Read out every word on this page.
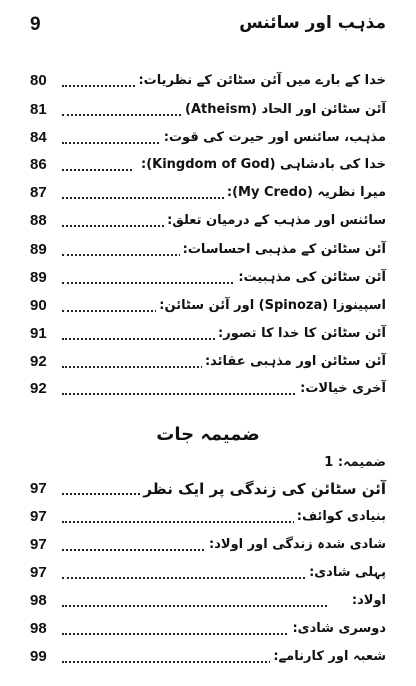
9	مذہب اور سائنس
80	خدا کے بارے میں آئن سٹائن کے نظریات:
81	آئن سٹائن اور الحاد (Atheism)
84	مذہب، سائنس اور حیرت کی قوت:
86	خدا کی بادشاہی (Kingdom of God):
87	میرا نظریہ (My Credo):
88	سائنس اور مذہب کے درمیان تعلق:
89	آئن سٹائن کے مذہبی احساسات:
89	آئن سٹائن کی مذہبیت:
90	اسپینوزا (Spinoza) اور آئن سٹائن:
91	آئن سٹائن کا خدا کا تصور:
92	آئن سٹائن اور مذہبی عقائد:
92	آخری خیالات:
ضمیمہ جات
ضمیمہ: 1
97	آئن سٹائن کی زندگی پر ایک نظر
97	بنیادی کوائف:
97	شادی شدہ زندگی اور اولاد:
97	پہلی شادی:
98	اولاد:
98	دوسری شادی:
99	شعبہ اور کارنامے:
